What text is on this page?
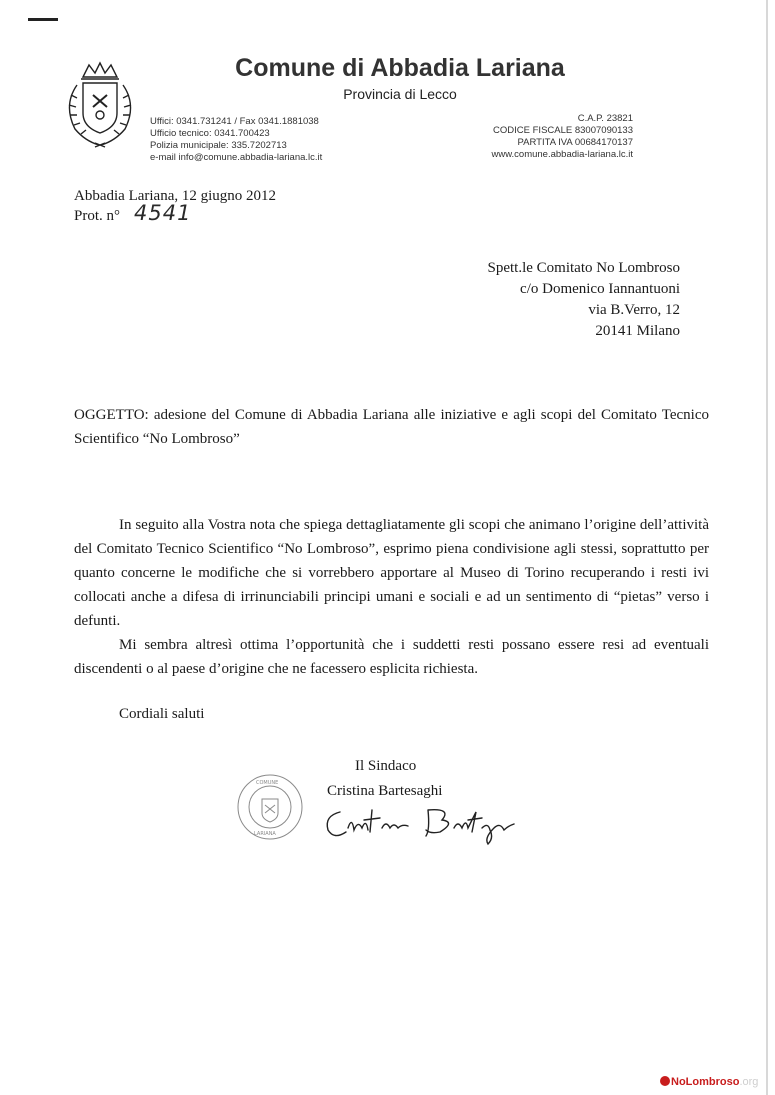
Comune di Abbadia Lariana
Provincia di Lecco
Uffici: 0341.731241 / Fax 0341.1881038
Ufficio tecnico: 0341.700423
Polizia municipale: 335.7202713
e-mail info@comune.abbadia-lariana.lc.it
C.A.P. 23821
CODICE FISCALE 83007090133
PARTITA IVA 00684170137
www.comune.abbadia-lariana.lc.it
Abbadia Lariana, 12 giugno 2012
Prot. n° 4541
Spett.le Comitato No Lombroso
c/o Domenico Iannantuoni
via B.Verro, 12
20141 Milano
OGGETTO: adesione del Comune di Abbadia Lariana alle iniziative e agli scopi del Comitato Tecnico Scientifico “No Lombroso”

In seguito alla Vostra nota che spiega dettagliatamente gli scopi che animano l’origine dell’attività del Comitato Tecnico Scientifico “No Lombroso”, esprimo piena condivisione agli stessi, soprattutto per quanto concerne le modifiche che si vorrebbero apportare al Museo di Torino recuperando i resti ivi collocati anche a difesa di irrinunciabili principi umani e sociali e ad un sentimento di “pietas” verso i defunti.

Mi sembra altresì ottima l’opportunità che i suddetti resti possano essere resi ad eventuali discendenti o al paese d’origine che ne facessero esplicita richiesta.

Cordiali saluti
Il Sindaco
Cristina Bartesaghi
COMUNE
LARIANA
NoLombroso.org
